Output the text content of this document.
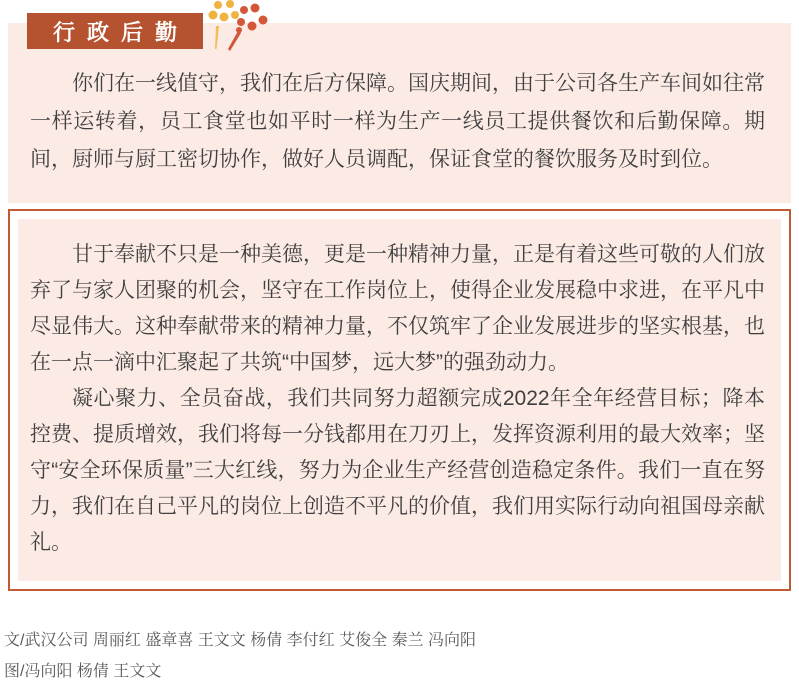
行政后勤

你们在一线值守，我们在后方保障。国庆期间，由于公司各生产车间如往常一样运转着，员工食堂也如平时一样为生产一线员工提供餐饮和后勤保障。期间，厨师与厨工密切协作，做好人员调配，保证食堂的餐饮服务及时到位。

甘于奉献不只是一种美德，更是一种精神力量，正是有着这些可敬的人们放弃了与家人团聚的机会，坚守在工作岗位上，使得企业发展稳中求进，在平凡中尽显伟大。这种奉献带来的精神力量，不仅筑牢了企业发展进步的坚实根基，也在一点一滴中汇聚起了共筑“中国梦，远大梦”的强劲动力。

凝心聚力、全员奋战，我们共同努力超额完成2022年全年经营目标；降本控费、提质增效，我们将每一分钱都用在刀刃上，发挥资源利用的最大效率；坚守“安全环保质量”三大红线，努力为企业生产经营创造稳定条件。我们一直在努力，我们在自己平凡的岗位上创造不平凡的价值，我们用实际行动向祖国母亲献礼。

文/武汉公司 周丽红 盛章喜 王文文 杨倩 李付红 艾俊全 秦兰 冯向阳
图/冯向阳 杨倩 王文文
